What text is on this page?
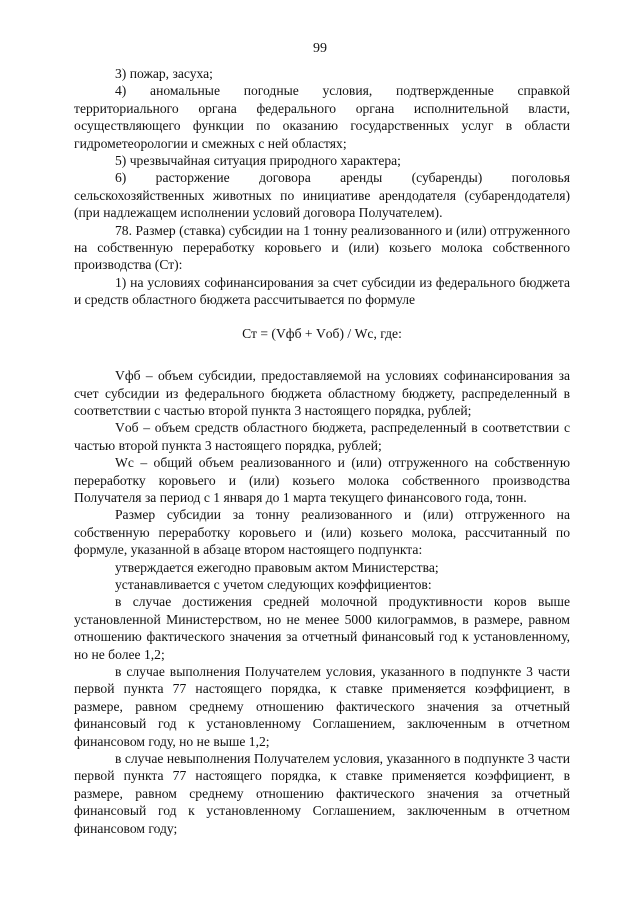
99

3) пожар, засуха;

4) аномальные погодные условия, подтвержденные справкой территориального органа федерального органа исполнительной власти, осуществляющего функции по оказанию государственных услуг в области гидрометеорологии и смежных с ней областях;

5) чрезвычайная ситуация природного характера;

6) расторжение договора аренды (субаренды) поголовья сельскохозяйственных животных по инициативе арендодателя (субарендодателя) (при надлежащем исполнении условий договора Получателем).

78. Размер (ставка) субсидии на 1 тонну реализованного и (или) отгруженного на собственную переработку коровьего и (или) козьего молока собственного производства (Ст):

1) на условиях софинансирования за счет субсидии из федерального бюджета и средств областного бюджета рассчитывается по формуле

Ст = (Vфб + Vоб) / Wс, где:

Vфб – объем субсидии, предоставляемой на условиях софинансирования за счет субсидии из федерального бюджета областному бюджету, распределенный в соответствии с частью второй пункта 3 настоящего порядка, рублей;

Vоб – объем средств областного бюджета, распределенный в соответствии с частью второй пункта 3 настоящего порядка, рублей;

Wс – общий объем реализованного и (или) отгруженного на собственную переработку коровьего и (или) козьего молока собственного производства Получателя за период с 1 января до 1 марта текущего финансового года, тонн.

Размер субсидии за тонну реализованного и (или) отгруженного на собственную переработку коровьего и (или) козьего молока, рассчитанный по формуле, указанной в абзаце втором настоящего подпункта:

утверждается ежегодно правовым актом Министерства;

устанавливается с учетом следующих коэффициентов:

в случае достижения средней молочной продуктивности коров выше установленной Министерством, но не менее 5000 килограммов, в размере, равном отношению фактического значения за отчетный финансовый год к установленному, но не более 1,2;

в случае выполнения Получателем условия, указанного в подпункте 3 части первой пункта 77 настоящего порядка, к ставке применяется коэффициент, в размере, равном среднему отношению фактического значения за отчетный финансовый год к установленному Соглашением, заключенным в отчетном финансовом году, но не выше 1,2;

в случае невыполнения Получателем условия, указанного в подпункте 3 части первой пункта 77 настоящего порядка, к ставке применяется коэффициент, в размере, равном среднему отношению фактического значения за отчетный финансовый год к установленному Соглашением, заключенным в отчетном финансовом году;
